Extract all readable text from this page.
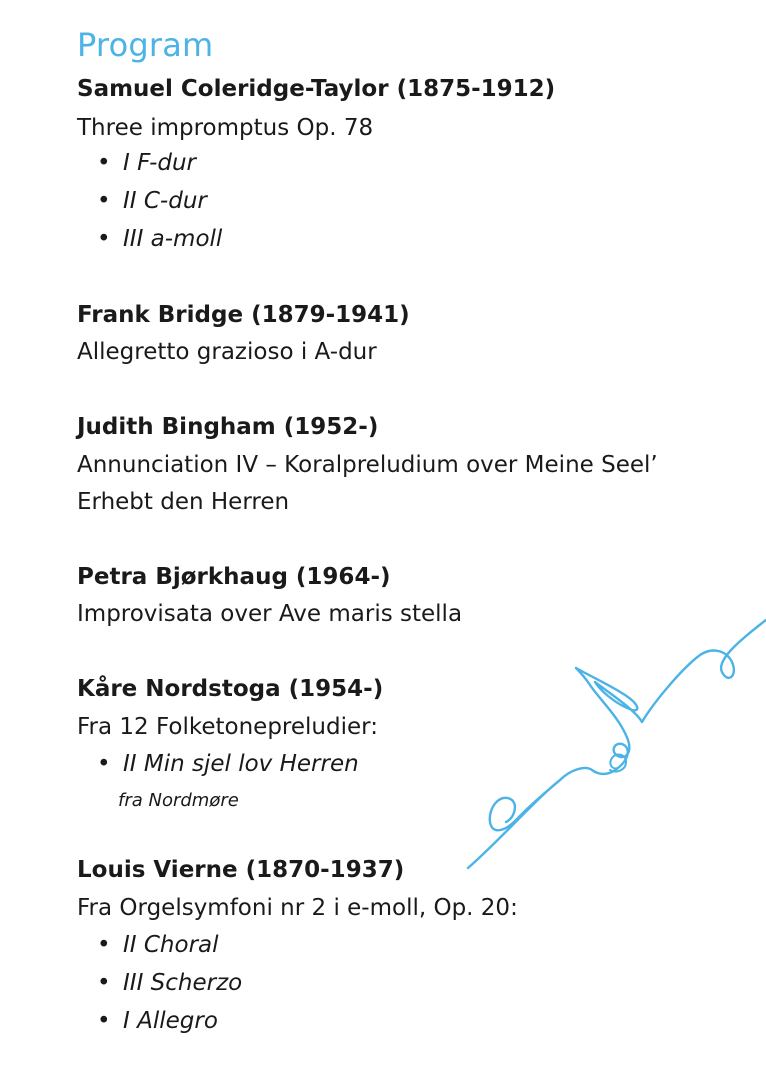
Program

Samuel Coleridge-Taylor (1875-1912)

Three impromptus Op. 78

• I F-dur

• II C-dur

• III a-moll

Frank Bridge (1879-1941)

Allegretto grazioso i A-dur

Judith Bingham (1952-)

Annunciation IV – Koralpreludium over Meine Seel’

Erhebt den Herren

Petra Bjørkhaug (1964-)

Improvisata over Ave maris stella

Kåre Nordstoga (1954-)

Fra 12 Folketonepreludier:

• II Min sjel lov Herren

fra Nordmøre

Louis Vierne (1870-1937)

Fra Orgelsymfoni nr 2 i e-moll, Op. 20:

• II Choral

• III Scherzo

• I Allegro
